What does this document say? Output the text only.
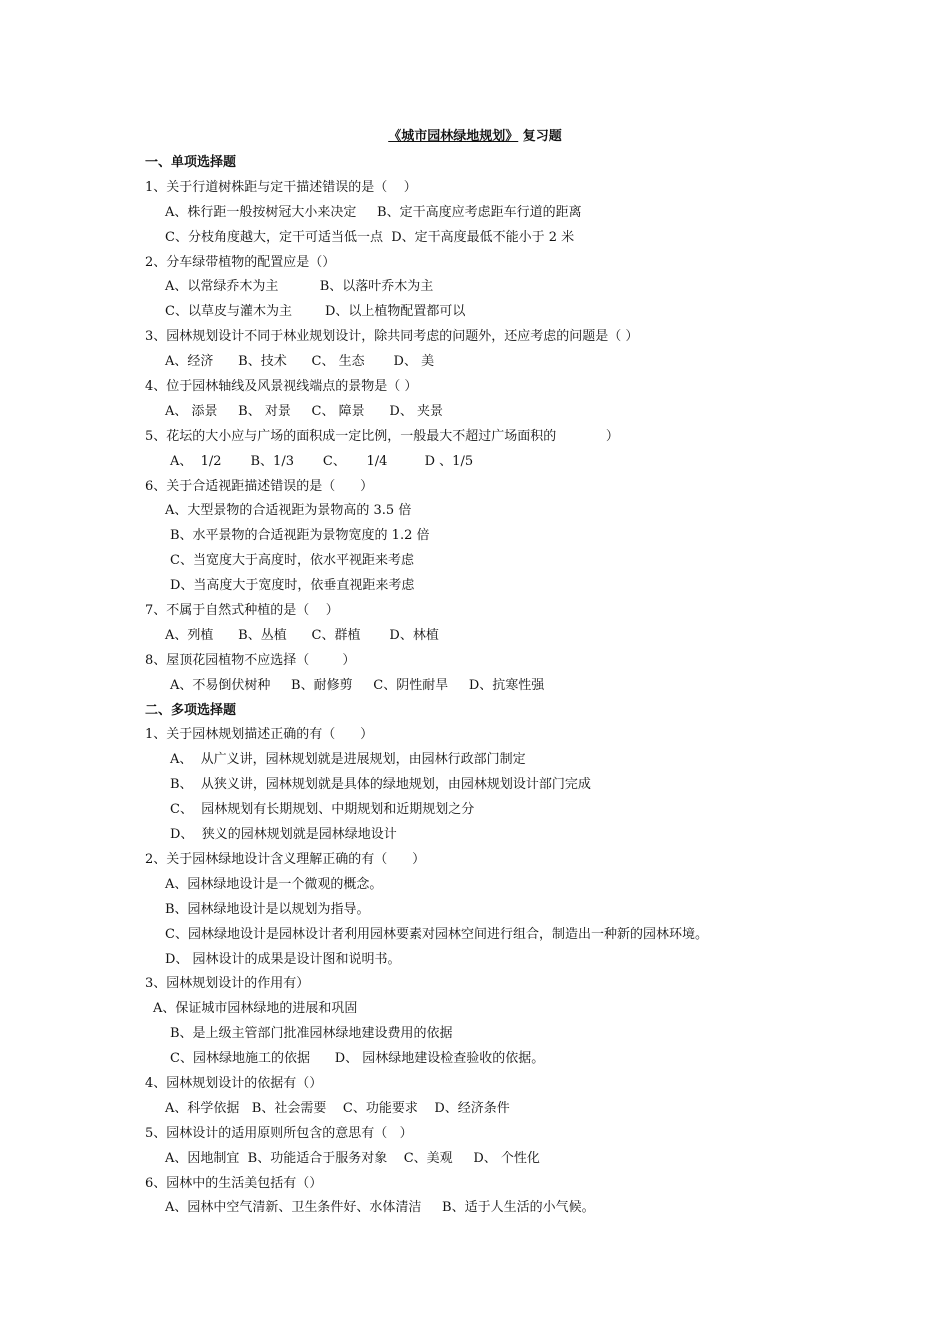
《城市园林绿地规划》 复习题
一、单项选择题
1、关于行道树株距与定干描述错误的是（    ）
A、株行距一般按树冠大小来决定     B、定干高度应考虑距车行道的距离
C、分枝角度越大，定干可适当低一点  D、定干高度最低不能小于 2 米
2、分车绿带植物的配置应是（）
A、以常绿乔木为主          B、以落叶乔木为主
C、以草皮与灌木为主        D、以上植物配置都可以
3、园林规划设计不同于林业规划设计，除共同考虑的问题外，还应考虑的问题是（ ）
A、经济      B、技术      C、 生态       D、 美
4、位于园林轴线及风景视线端点的景物是（ ）
A、 添景     B、 对景     C、 障景      D、 夹景
5、花坛的大小应与广场的面积成一定比例，一般最大不超过广场面积的            ）
A、  1/2       B、1/3       C、     1/4         D 、1/5
6、关于合适视距描述错误的是（      ）
A、大型景物的合适视距为景物高的 3.5 倍
B、水平景物的合适视距为景物宽度的 1.2 倍
C、当宽度大于高度时，依水平视距来考虑
D、当高度大于宽度时，依垂直视距来考虑
7、不属于自然式种植的是（    ）
A、列植      B、丛植      C、群植       D、林植
8、屋顶花园植物不应选择（        ）
A、不易倒伏树种     B、耐修剪     C、阴性耐旱     D、抗寒性强
二、多项选择题
1、关于园林规划描述正确的有（      ）
A、  从广义讲，园林规划就是进展规划，由园林行政部门制定
B、  从狭义讲，园林规划就是具体的绿地规划，由园林规划设计部门完成
C、  园林规划有长期规划、中期规划和近期规划之分
D、  狭义的园林规划就是园林绿地设计
2、关于园林绿地设计含义理解正确的有（      ）
A、园林绿地设计是一个微观的概念。
B、园林绿地设计是以规划为指导。
C、园林绿地设计是园林设计者利用园林要素对园林空间进行组合，制造出一种新的园林环境。
D、 园林设计的成果是设计图和说明书。
3、园林规划设计的作用有）
A、保证城市园林绿地的进展和巩固
B、是上级主管部门批准园林绿地建设费用的依据
C、园林绿地施工的依据      D、 园林绿地建设检查验收的依据。
4、园林规划设计的依据有（）
A、科学依据   B、社会需要    C、功能要求    D、经济条件
5、园林设计的适用原则所包含的意思有（   ）
A、因地制宜  B、功能适合于服务对象    C、美观     D、 个性化
6、园林中的生活美包括有（）
A、园林中空气清新、卫生条件好、水体清洁     B、适于人生活的小气候。
